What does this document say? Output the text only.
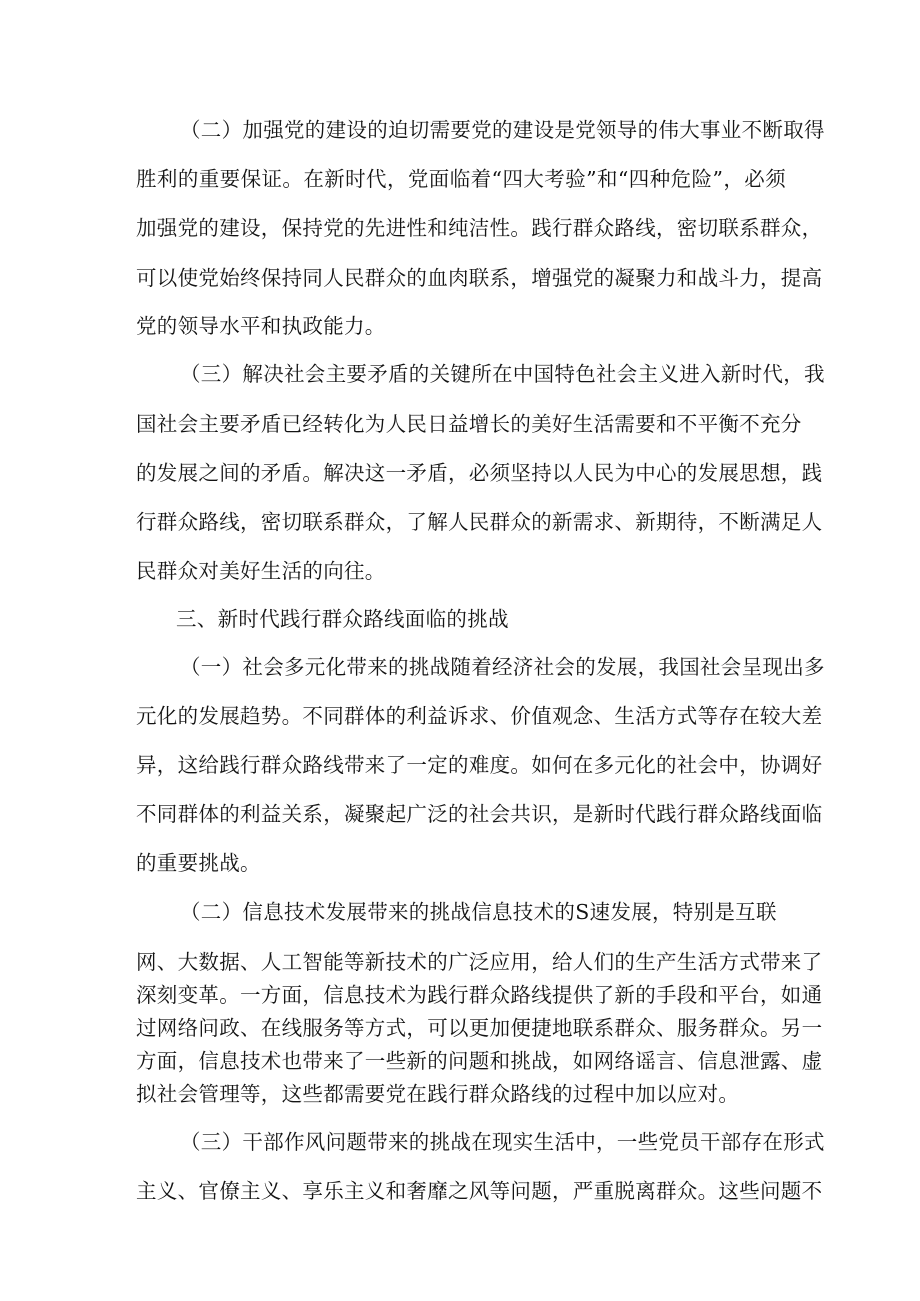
（二）加强党的建设的迫切需要党的建设是党领导的伟大事业不断取得

胜利的重要保证。在新时代，党面临着“四大考验”和“四种危险”，必须

加强党的建设，保持党的先进性和纯洁性。践行群众路线，密切联系群众，

可以使党始终保持同人民群众的血肉联系，增强党的凝聚力和战斗力，提高

党的领导水平和执政能力。

（三）解决社会主要矛盾的关键所在中国特色社会主义进入新时代，我

国社会主要矛盾已经转化为人民日益增长的美好生活需要和不平衡不充分

的发展之间的矛盾。解决这一矛盾，必须坚持以人民为中心的发展思想，践

行群众路线，密切联系群众，了解人民群众的新需求、新期待，不断满足人

民群众对美好生活的向往。

三、新时代践行群众路线面临的挑战

（一）社会多元化带来的挑战随着经济社会的发展，我国社会呈现出多

元化的发展趋势。不同群体的利益诉求、价值观念、生活方式等存在较大差

异，这给践行群众路线带来了一定的难度。如何在多元化的社会中，协调好

不同群体的利益关系，凝聚起广泛的社会共识，是新时代践行群众路线面临

的重要挑战。

（二）信息技术发展带来的挑战信息技术的S速发展，特别是互联

网、大数据、人工智能等新技术的广泛应用，给人们的生产生活方式带来了

深刻变革。一方面，信息技术为践行群众路线提供了新的手段和平台，如通

过网络问政、在线服务等方式，可以更加便捷地联系群众、服务群众。另一

方面，信息技术也带来了一些新的问题和挑战，如网络谣言、信息泄露、虚

拟社会管理等，这些都需要党在践行群众路线的过程中加以应对。

（三）干部作风问题带来的挑战在现实生活中，一些党员干部存在形式

主义、官僚主义、享乐主义和奢靡之风等问题，严重脱离群众。这些问题不
